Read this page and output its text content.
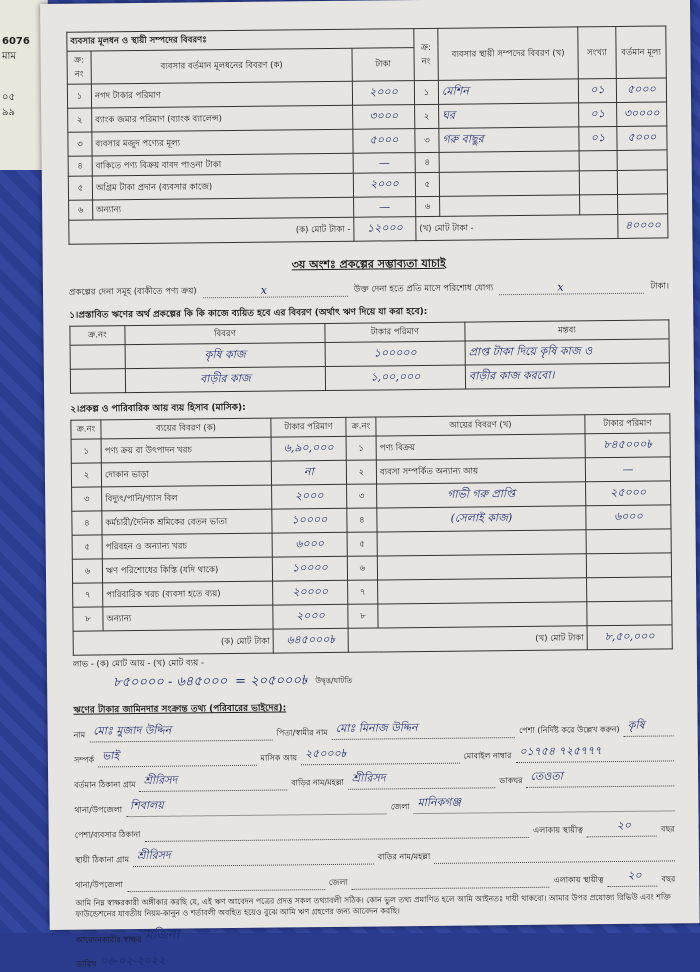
6076
মাম
০৫
৯৯
ব্যবসার মূলধন ও স্থায়ী সম্পদের বিবরণঃ			ক্র: নং	ব্যবসার স্থায়ী সম্পদের বিবরণ (খ)	সংখ্যা	বর্তমান মূল্য
ক্র: নং	ব্যবসার বর্তমান মূলধনের বিবরণ (ক)	টাকা				
১	নগদ টাকার পরিমাণ	২০০০	১	মেশিন	০১	৫০০০
২	ব্যাংক জমার পরিমাণ (ব্যাংক ব্যালেন্স)	৩০০০	২	ঘর	০১	৩০০০০
৩	ব্যবসার মজুদ পণ্যের মূল্য	৫০০০	৩	গরু বাছুর	০১	৫০০০
৪	বাকিতে পণ্য বিক্রয় বাবদ পাওনা টাকা	—	৪			
৫	অগ্রিম টাকা প্রদান (ব্যবসার কাজে)	২০০০	৫			
৬	অন্যান্য	—	৬			
(ক) মোট টাকা -		১২০০০	(খ) মোট টাকা -			৪০০০০
৩য় অংশঃ প্রকল্পের সম্ভাব্যতা যাচাই
প্রকল্পের দেনা সমূহ (বাকীতে পণ্য ক্রয়)	x	উক্ত দেনা হতে প্রতি মাসে পরিশোধ যোগ্য	x	টাকা।
১।প্রস্তাবিত ঋণের অর্থ প্রকল্পের কি কি কাজে ব্যয়িত হবে এর বিবরণ (অর্থাৎ ঋণ দিয়ে যা করা হবে):
ক্র.নং	বিবরণ	টাকার পরিমাণ	মন্তব্য
	কৃষি কাজ	১০০০০০	প্রাপ্ত টাকা দিয়ে কৃষি কাজ ও
	বাড়ীর কাজ	১,০০,০০০	বাড়ীর কাজ করবো।
২।প্রকল্প ও পারিবারিক আয় ব্যয় হিসাব (মাসিক):
ক্র.নং	ব্যয়ের বিবরণ (ক)	টাকার পরিমাণ	ক্র.নং	আয়ের বিবরণ (খ)	টাকার পরিমাণ
১	পণ্য ক্রয় বা উৎপাদন খরচ	৬,৯০,০০০	১	পণ্য বিক্রয়	৮৪৫০০০৳
২	দোকান ভাড়া	না	২	ব্যবসা সম্পর্কিত অন্যান্য আয়	—
৩	বিদ্যুৎ/পানি/গ্যাস বিল	২০০০	৩	গাভী গরু প্রাপ্তি	২৫০০০
৪	কর্মচারী/দৈনিক শ্রমিকের বেতন ভাতা	১০০০০	৪	(সেলাই কাজ)	৬০০০
৫	পরিবহন ও অন্যান্য খরচ	৬০০০	৫		
৬	ঋণ পরিশোধের কিস্তি (যদি থাকে)	১০০০০	৬		
৭	পারিবারিক খরচ (ব্যবসা হতে ব্যয়)	২০০০০	৭		
৮	অন্যান্য	২০০০	৮		
(ক) মোট টাকা		৬৪৫০০০৳	(খ) মোট টাকা		৮,৫০,০০০
লাভ - (ক) মোট আয় - (খ) মোট ব্যয় -
৮৫০০০০ - ৬৪৫০০০ = ২০৫০০০৳ উদ্বৃত্ত/ঘাটতি
ঋণের টাকার জামিনদার সংক্রান্ত তথ্য (পরিবারের ভাইদের):
নাম মোঃ মুজাদ উদ্দিন	পিতা/স্বামীর নাম মোঃ মিনাজ উদ্দিন	পেশা (নির্দিষ্ট করে উল্লেখ করুন) কৃষি
সম্পর্ক ভাই	মাসিক আয় ২৫০০০৳	মোবাইল নাম্বার ০১৭৫৪ ৭২৫৭৭৭
বর্তমান ঠিকানা গ্রাম শ্রীরিসদ	বাড়ির নাম/মহল্লা শ্রীরিসদ	ডাকঘর তেওতা
থানা/উপজেলা শিবালয়	জেলা মানিকগঞ্জ
পেশা/ব্যবসার ঠিকানা	এলাকায় স্থায়ীত্ব	২০	বছর
স্থায়ী ঠিকানা গ্রাম শ্রীরিসদ	বাড়ির নাম/মহল্লা
থানা/উপজেলা	জেলা	এলাকায় স্থায়ীত্ব	২০	বছর
আমি নিম্ন স্বাক্ষরকারী অঙ্গীকার করছি যে, এই ঋণ আবেদন পত্রের প্রদত্ত সকল তথ্যাবলী সঠিক। কোন ভুল তথ্য প্রমাণিত হলে আমি আইনতঃ দায়ী থাকবো। আমার উপর প্রযোজ্য রিভিউ এবং শক্তি ফাউন্ডেশনের যাবতীয় নিয়ম-কানুন ও শর্তাবলী অবহিত হয়েও বুঝে আমি ঋণ গ্রহণের জন্য আবেদন করছি।
আবেদনকারীর স্বাক্ষর মজিনা
তারিখ ০৬-০২-২০২২
